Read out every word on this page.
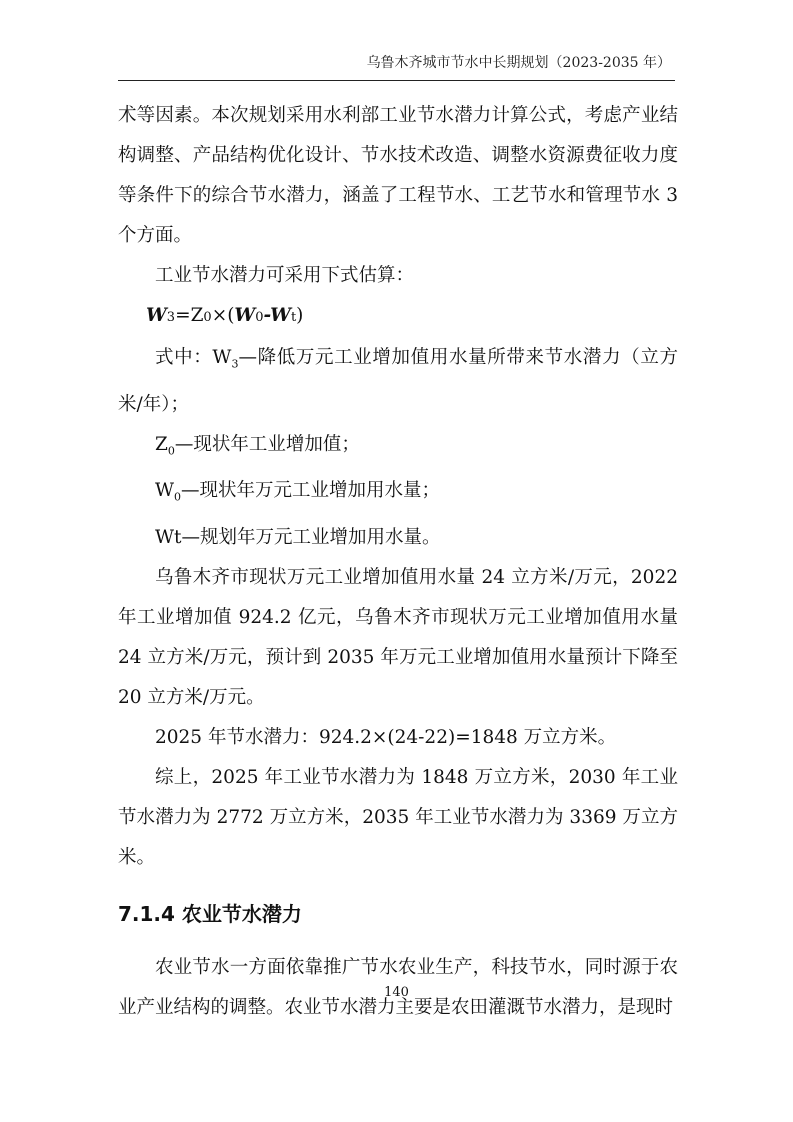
乌鲁木齐城市节水中长期规划（2023-2035 年）

术等因素。本次规划采用水利部工业节水潜力计算公式，考虑产业结构调整、产品结构优化设计、节水技术改造、调整水资源费征收力度等条件下的综合节水潜力，涵盖了工程节水、工艺节水和管理节水 3 个方面。

工业节水潜力可采用下式估算：

W3=Z0×(W0-Wt)

式中：$W_3—$降低万元工业增加值用水量所带来节水潜力（立方米/年）；

$Z_0—$现状年工业增加值；

$W_0—$现状年万元工业增加用水量；

Wt—规划年万元工业增加用水量。

乌鲁木齐市现状万元工业增加值用水量 24 立方米/万元，2022 年工业增加值 924.2 亿元，乌鲁木齐市现状万元工业增加值用水量 24 立方米/万元，预计到 2035 年万元工业增加值用水量预计下降至 20 立方米/万元。

2025 年节水潜力：924.2×(24-22)=1848 万立方米。

综上，2025 年工业节水潜力为 1848 万立方米，2030 年工业节水潜力为 2772 万立方米，2035 年工业节水潜力为 3369 万立方米。

7.1.4 农业节水潜力

农业节水一方面依靠推广节水农业生产，科技节水，同时源于农业产业结构的调整。农业节水潜力主要是农田灌溉节水潜力，是现时

140
